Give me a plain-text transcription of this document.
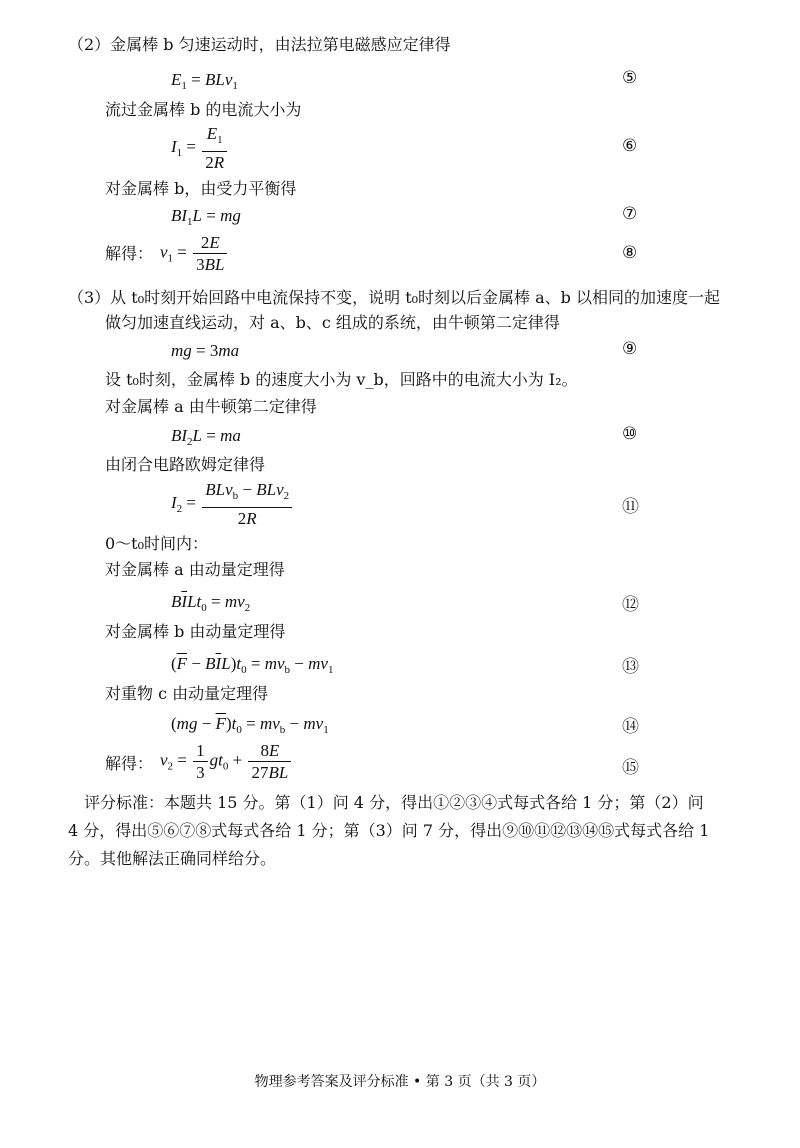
（2）金属棒 b 匀速运动时，由法拉第电磁感应定律得
$E_1 = BLv_1$	⑤
流过金属棒 b 的电流大小为
$I_1 = \frac{E_1}{2R}$	⑥
对金属棒 b，由受力平衡得
$BI_1L$ = mg	⑦
解得： $v_1 = \frac{2E}{3BL}$	⑧
（3）从 t₀时刻开始回路中电流保持不变，说明 t₀时刻以后金属棒 a、b 以相同的加速度一起
做匀加速直线运动，对 a、b、c 组成的系统，由牛顿第二定律得
mg = 3ma	⑨
设 t₀时刻，金属棒 b 的速度大小为 v_b，回路中的电流大小为 I₂。
对金属棒 a 由牛顿第二定律得
$BI_2L$ = ma	⑩
由闭合电路欧姆定律得
$I_2 = \frac{BLv_b - BLv_2}{2R}$	⑪
0～t₀时间内：
对金属棒 a 由动量定理得
$B\overline{I}Lt_0 = mv_2$	⑫
对金属棒 b 由动量定理得
$(\overline{F} - B\overline{I}L)t_0 = mv_b - mv_1$	⑬
对重物 c 由动量定理得
$(mg - \overline{F})t_0 = mv_b - mv_1$	⑭
解得： $v_2 = \frac{1}{3} gt_0 + \frac{8E}{27BL}$	⑮
评分标准：本题共 15 分。第（1）问 4 分，得出①②③④式每式各给 1 分；第（2）问
4 分，得出⑤⑥⑦⑧式每式各给 1 分；第（3）问 7 分，得出⑨⑩⑪⑫⑬⑭⑮式每式各给 1
分。其他解法正确同样给分。
物理参考答案及评分标准 • 第 3 页（共 3 页）
